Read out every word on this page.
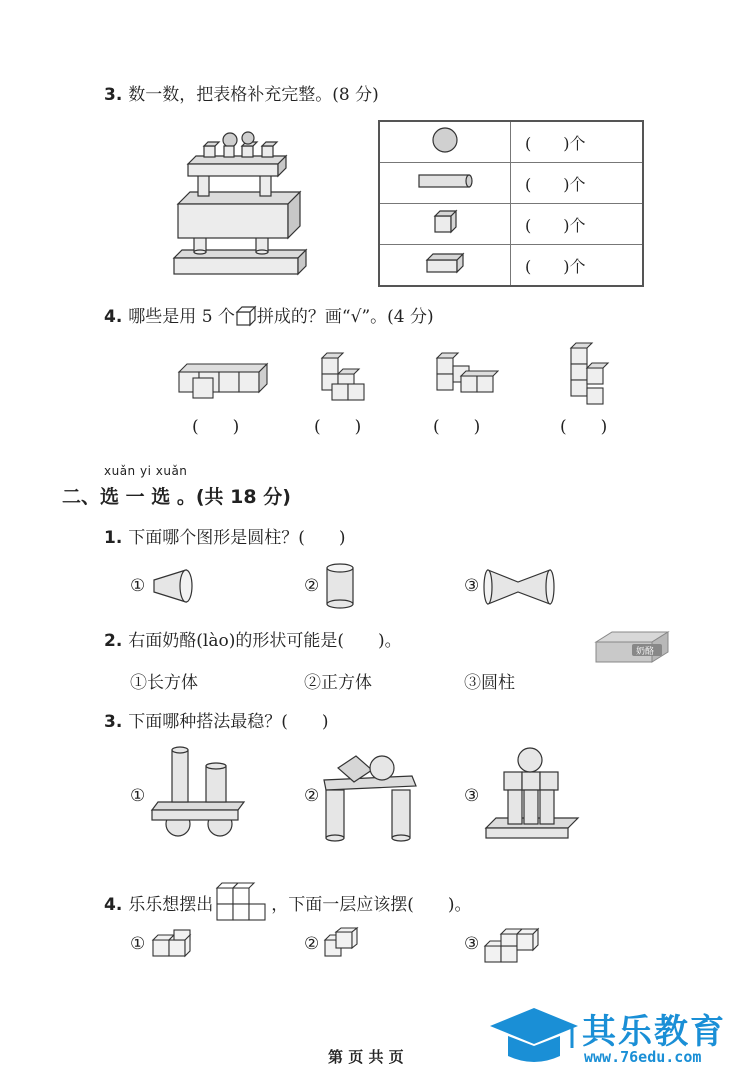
3. 数一数，把表格补充完整。(8 分)
	(　　)个
	(　　)个
	(　　)个
	(　　)个
4. 哪些是用 5 个 拼成的？画“√”。(4 分)
(　　)	(　　)	(　　)	(　　)
xuǎn yi xuǎn
二、选 一 选 。(共 18 分)
1. 下面哪个图形是圆柱？(　　)
①	②	③
2. 右面奶酪(lào)的形状可能是(　　)。
奶酪
①长方体	②正方体	③圆柱
3. 下面哪种搭法最稳？(　　)
①	②	③
4. 乐乐想摆出	，下面一层应该摆(　　)。
①	②	③
第 页 共 页
其乐教育
www.76edu.com
